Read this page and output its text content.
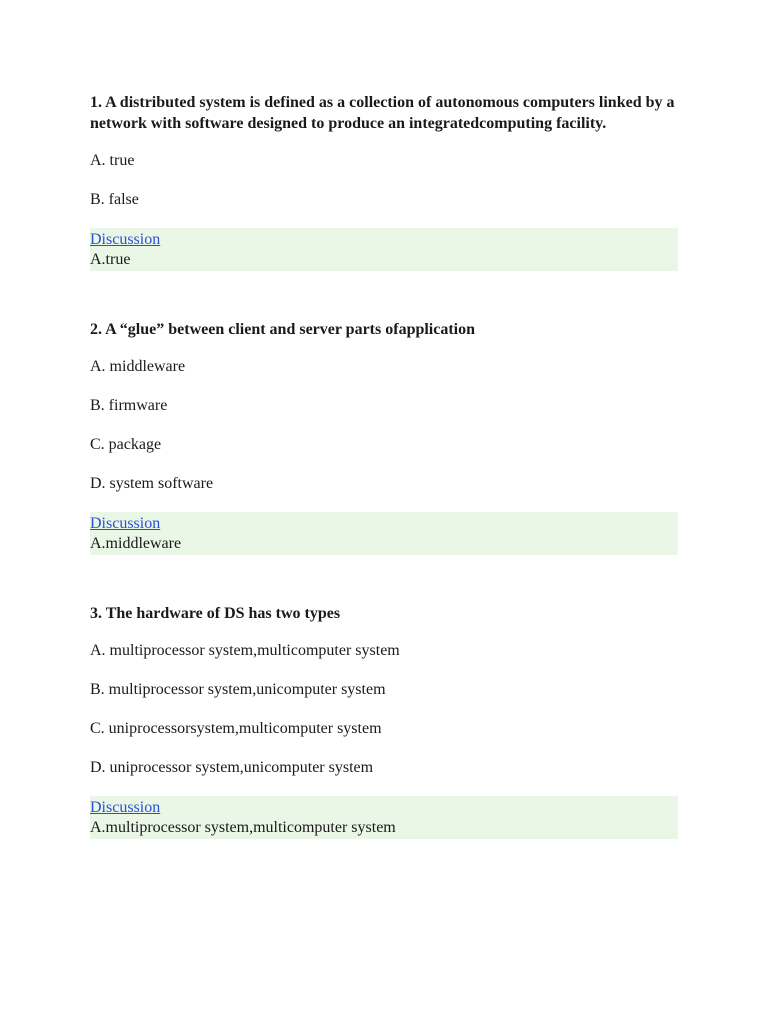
1. A distributed system is defined as a collection of autonomous computers linked by a network with software designed to produce an integratedcomputing facility.

A. true

B. false

Discussion
A.true

2. A “glue” between client and server parts ofapplication

A. middleware

B. firmware

C. package

D. system software

Discussion
A.middleware

3. The hardware of DS has two types

A. multiprocessor system,multicomputer system

B. multiprocessor system,unicomputer system

C. uniprocessorsystem,multicomputer system

D. uniprocessor system,unicomputer system

Discussion
A.multiprocessor system,multicomputer system
